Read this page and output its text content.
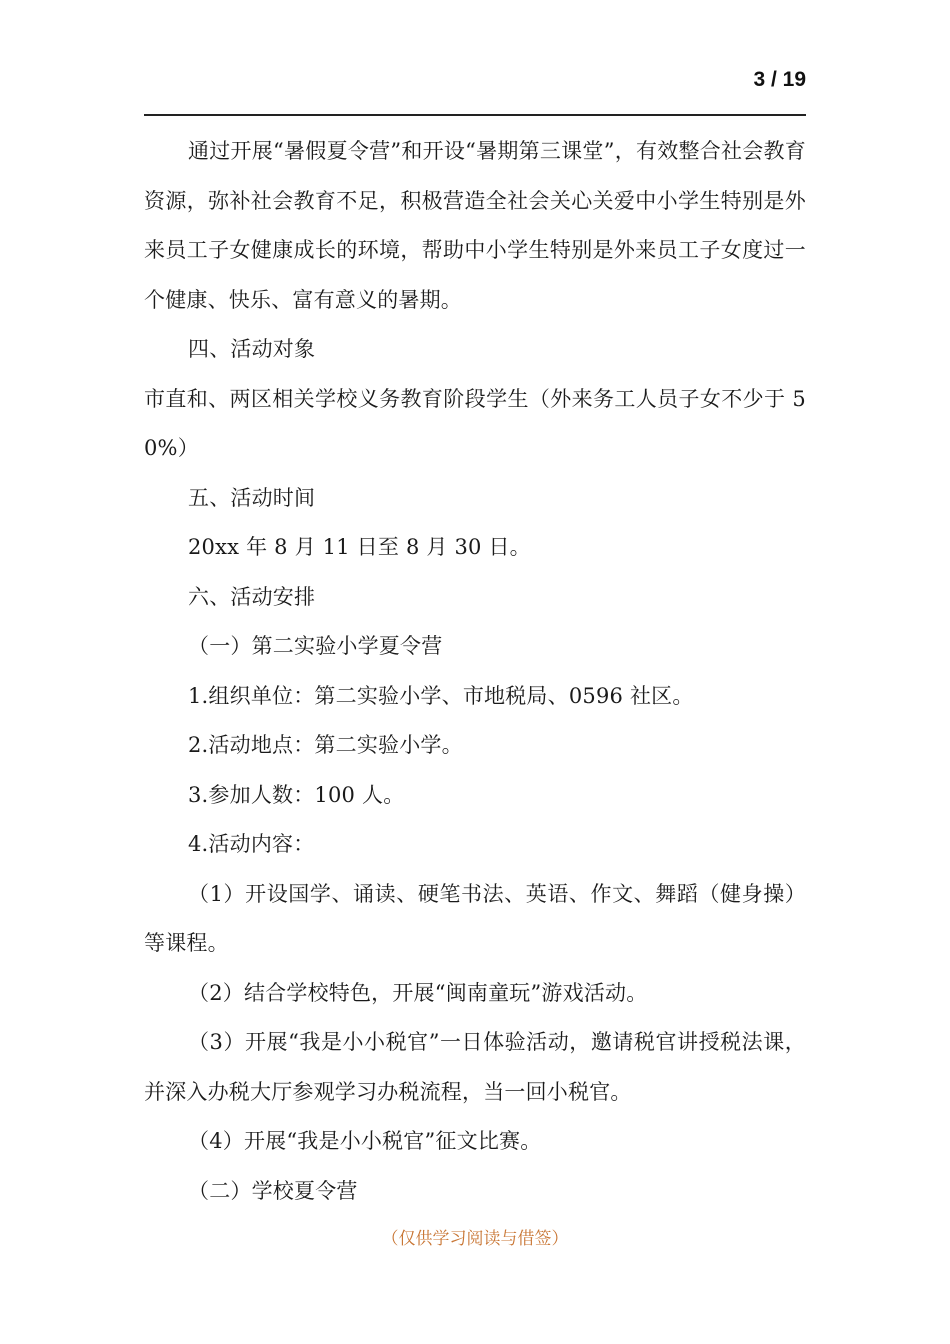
3 / 19

通过开展“暑假夏令营”和开设“暑期第三课堂”，有效整合社会教育资源，弥补社会教育不足，积极营造全社会关心关爱中小学生特别是外来员工子女健康成长的环境，帮助中小学生特别是外来员工子女度过一个健康、快乐、富有意义的暑期。

四、活动对象

市直和、两区相关学校义务教育阶段学生（外来务工人员子女不少于 50%）

五、活动时间

20xx 年 8 月 11 日至 8 月 30 日。

六、活动安排

（一）第二实验小学夏令营

1.组织单位：第二实验小学、市地税局、0596 社区。

2.活动地点：第二实验小学。

3.参加人数：100 人。

4.活动内容：

（1）开设国学、诵读、硬笔书法、英语、作文、舞蹈（健身操）等课程。

（2）结合学校特色，开展“闽南童玩”游戏活动。

（3）开展“我是小小税官”一日体验活动，邀请税官讲授税法课，并深入办税大厅参观学习办税流程，当一回小税官。

（4）开展“我是小小税官”征文比赛。

（二）学校夏令营

（仅供学习阅读与借签）
